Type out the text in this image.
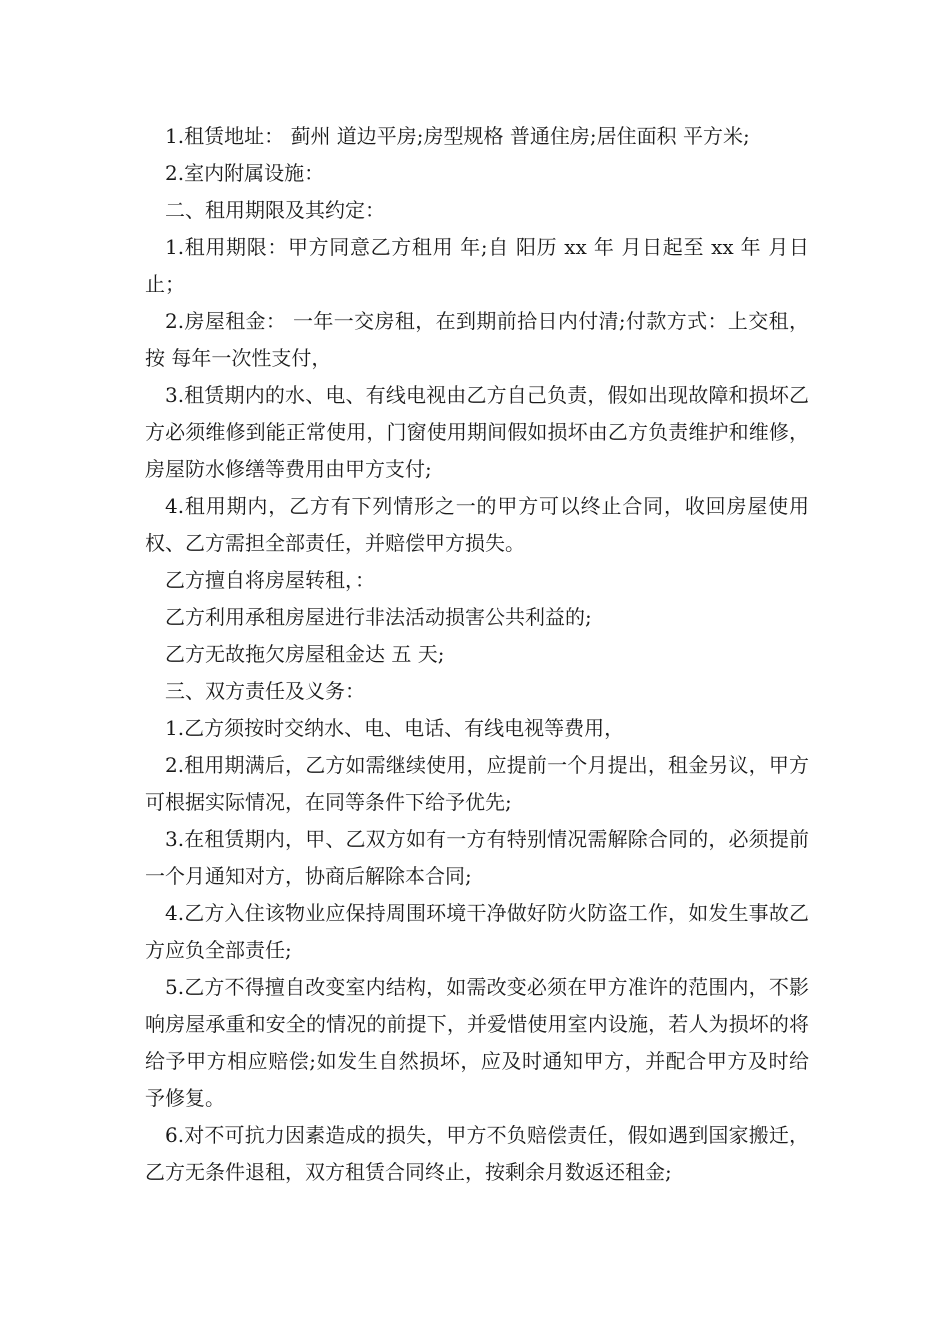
1.租赁地址： 蓟州 道边平房;房型规格 普通住房;居住面积 平方米;

2.室内附属设施：

二、租用期限及其约定：

1.租用期限：甲方同意乙方租用 年;自 阳历 xx 年 月日起至 xx 年 月日止；

2.房屋租金： 一年一交房租，在到期前拾日内付清;付款方式：上交租，按 每年一次性支付，

3.租赁期内的水、电、有线电视由乙方自己负责，假如出现故障和损坏乙方必须维修到能正常使用，门窗使用期间假如损坏由乙方负责维护和维修，房屋防水修缮等费用由甲方支付;

4.租用期内，乙方有下列情形之一的甲方可以终止合同，收回房屋使用权、乙方需担全部责任，并赔偿甲方损失。

乙方擅自将房屋转租，：

乙方利用承租房屋进行非法活动损害公共利益的;

乙方无故拖欠房屋租金达 五 天;

三、双方责任及义务：

1.乙方须按时交纳水、电、电话、有线电视等费用，

2.租用期满后，乙方如需继续使用，应提前一个月提出，租金另议，甲方可根据实际情况，在同等条件下给予优先;

3.在租赁期内，甲、乙双方如有一方有特别情况需解除合同的，必须提前一个月通知对方，协商后解除本合同;

4.乙方入住该物业应保持周围环境干净做好防火防盗工作，如发生事故乙方应负全部责任;

5.乙方不得擅自改变室内结构，如需改变必须在甲方准许的范围内，不影响房屋承重和安全的情况的前提下，并爱惜使用室内设施，若人为损坏的将给予甲方相应赔偿;如发生自然损坏，应及时通知甲方，并配合甲方及时给予修复。

6.对不可抗力因素造成的损失，甲方不负赔偿责任，假如遇到国家搬迁，乙方无条件退租，双方租赁合同终止，按剩余月数返还租金;
